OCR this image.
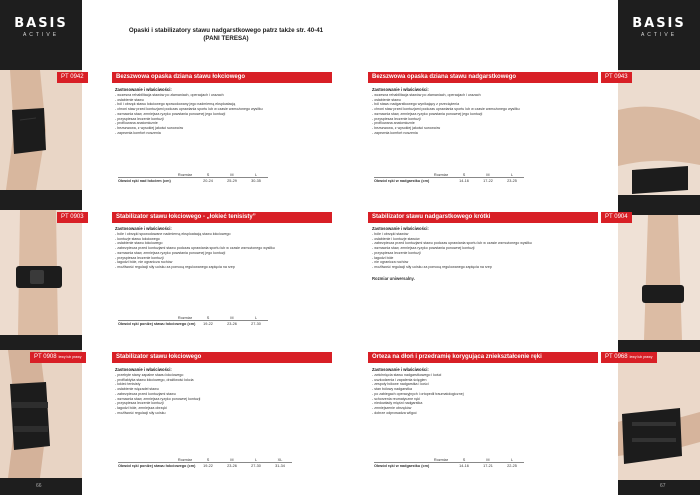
BASIS
ACTIVE
66
BASIS
ACTIVE
67
Opaski i stabilizatory stawu nadgarstkowego patrz także str. 40-41
(PANI TERESA)
PT 0942
PT 0903
PT 0908 lewy lub prawy
PT 0943
PT 0904
PT 0968 lewy lub prawy
Bezszwowa opaska dziana stawu łokciowego
Zastosowanie i właściwości:
- wczesna rehabilitacja stawów po złamaniach, operacjach i urazach
- osłabienie stawu
- ból i obrzęk stawu łokciowego spowodowany jego nadmierną eksploatacją
- chroni staw przed kontuzjami podczas uprawiania sportu lub w czasie wzmożonego wysiłku
- wzmacnia staw, zmniejsza ryzyko powstania ponownej jego kontuzji
- przyspiesza leczenie kontuzji
- profilowana anatomicznie
- bezszwowa, z wysokiej jakości surowców
- zapewnia komfort noszenia
Rozmiar	S	M	L
Obwód ręki nad łokciem (cm)	20-24	25-29	30-35
Stabilizator stawu łokciowego - „łokieć tenisisty”
Zastosowanie i właściwości:
- bóle i obrzęki spowodowane nadmierną eksploatacją stawu łokciowego
- kontuzje stawu łokciowego
- osłabienie stawu łokciowego
- zabezpiecza przed kontuzjami stawu podczas uprawiania sportu lub w czasie wzmożonego wysiłku
- wzmacnia staw, zmniejsza ryzyko powstania ponownej jego kontuzji
- przyspiesza leczenie kontuzji
- łagodzi bóle, nie ogranicza ruchów
- możliwość regulacji siły ucisku za pomocą regulowanego zapięcia na rzep
Rozmiar	S	M	L
Obwód ręki poniżej stawu łokciowego (cm)	19-22	23-26	27-30
Stabilizator stawu łokciowego
Zastosowanie i właściwości:
- przebyte stany zapalne stawu łokciowego
- profilaktyka stawu łokciowego, drażliwość łokcia
- łokieć tenisisty
- osłabienie więzadeł stawu
- zabezpiecza przed kontuzjami stawu
- wzmacnia staw, zmniejsza ryzyko ponownej kontuzji
- przyspiesza leczenie kontuzji
- łagodzi bóle, zmniejsza obrzęki
- możliwość regulacji siły ucisku
Rozmiar	S	M	L	XL
Obwód ręki poniżej stawu łokciowego (cm)	19-22	23-26	27-30	31-34
Bezszwowa opaska dziana stawu nadgarstkowego
Zastosowanie i właściwości:
- wczesna rehabilitacja stawów po złamaniach, operacjach i urazach
- osłabienie stawu
- ból stawu nadgarstkowego wynikający z przeciążenia
- chroni staw przed kontuzjami podczas uprawiania sportu lub w czasie wzmożonego wysiłku
- wzmacnia staw, zmniejsza ryzyko powstania ponownej jego kontuzji
- przyspiesza leczenie kontuzji
- profilowana anatomicznie
- bezszwowa, z wysokiej jakości surowców
- zapewnia komfort noszenia
Rozmiar	S	M	L
Obwód ręki w nadgarstku (cm)	14-16	17-22	23-25
Stabilizator stawu nadgarstkowego krótki
Zastosowanie i właściwości:
- bóle i obrzęki stawów
- osłabienie i kontuzje stawów
- zabezpiecza przed kontuzjami stawu podczas uprawiania sportu lub w czasie wzmożonego wysiłku
- wzmacnia staw, zmniejsza ryzyko powstania ponownej kontuzji
- przyspiesza leczenie kontuzji
- łagodzi bóle
- nie ogranicza ruchów
- możliwość regulacji siły ucisku za pomocą regulowanego zapięcia na rzep
Rozmiar uniwersalny.
Orteza na dłoń i przedramię korygująca zniekształcenie ręki
Zastosowanie i właściwości:
- zwichnięcia stawu nadgarstkowego i kości
- uszkodzenia i zapalenia ścięgien
- zespoły bólowe nadgarstka i kości
- stan bólowy nadgarstka
- po zabiegach operacyjnych i ortopedii traumatologicznej
- schorzenia reumatyczne ręki
- niedowłady mięśni nadgarstka
- zmniejszenie obrzęków
- dobrze odprowadza wilgoć
Rozmiar	S	M	L
Obwód ręki w nadgarstku (cm)	14-16	17-21	22-25
